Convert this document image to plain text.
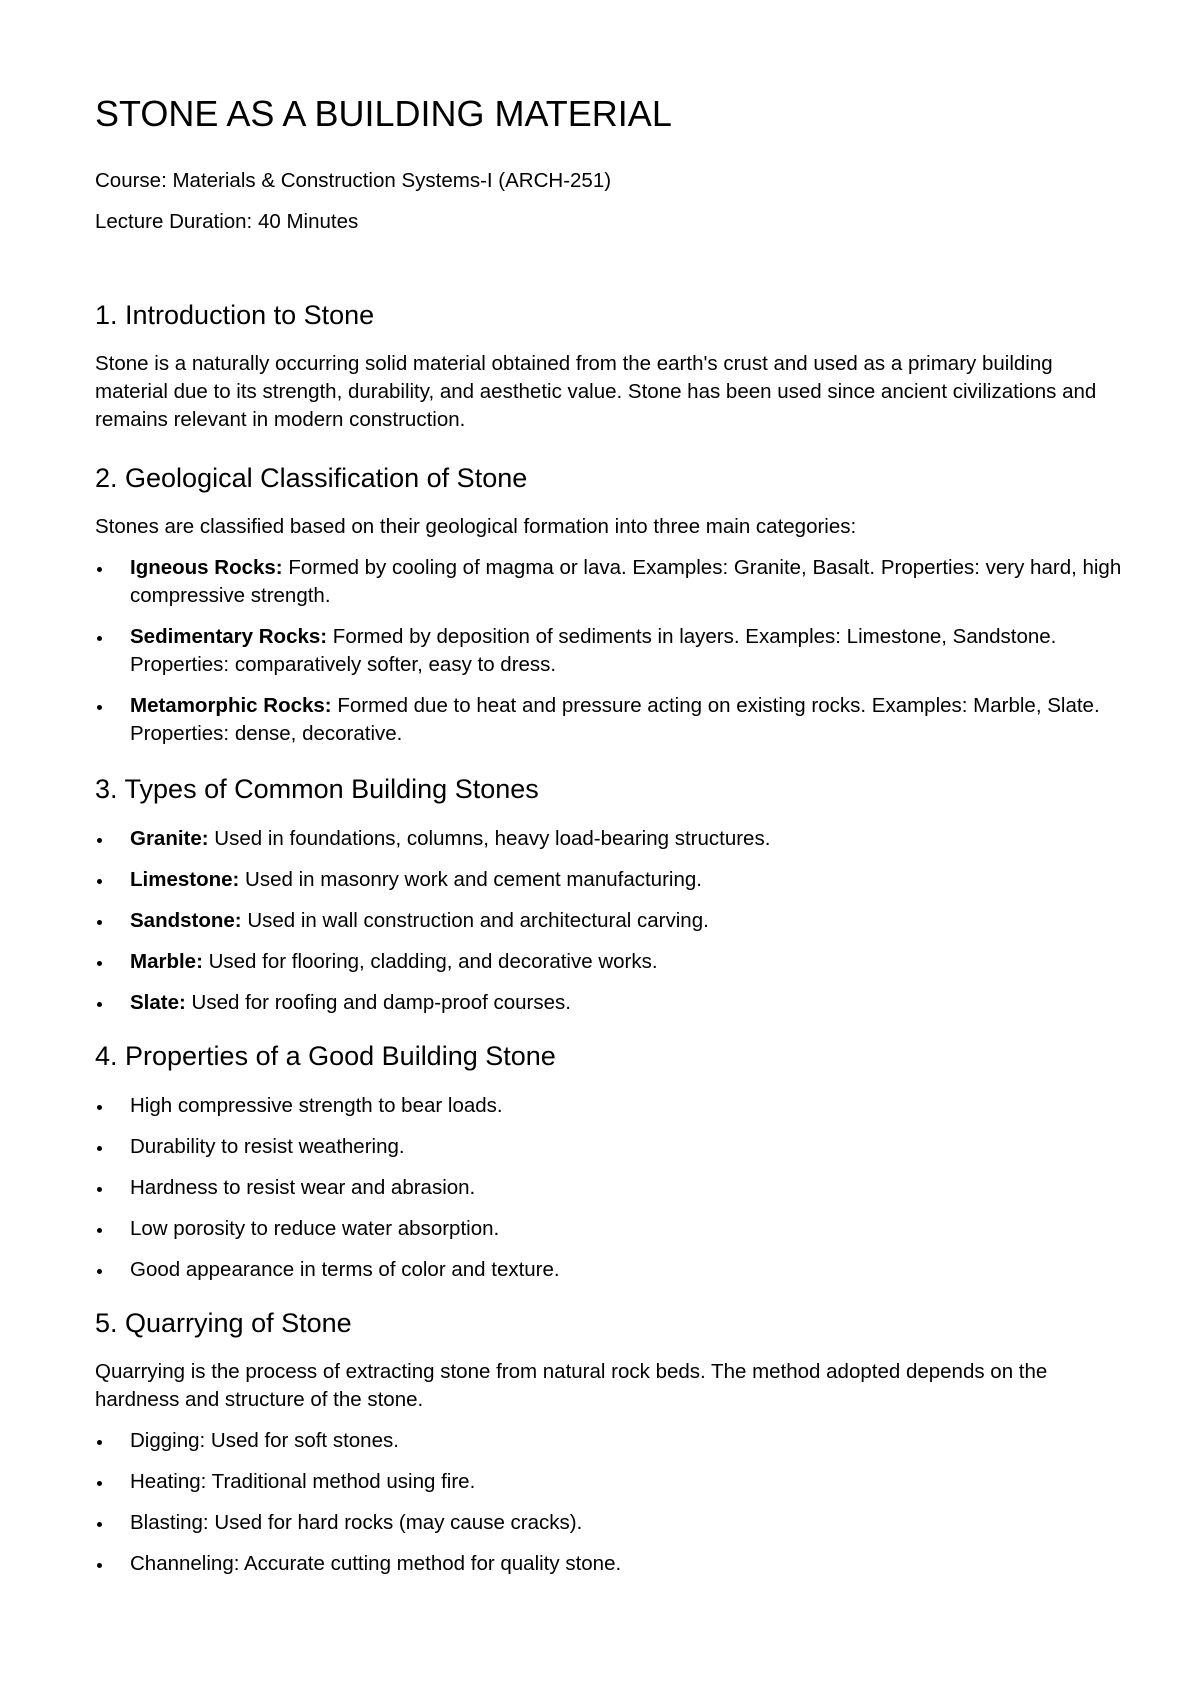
STONE AS A BUILDING MATERIAL

Course: Materials & Construction Systems-I (ARCH-251)

Lecture Duration: 40 Minutes

1. Introduction to Stone

Stone is a naturally occurring solid material obtained from the earth's crust and used as a primary building material due to its strength, durability, and aesthetic value. Stone has been used since ancient civilizations and remains relevant in modern construction.

2. Geological Classification of Stone

Stones are classified based on their geological formation into three main categories:

Igneous Rocks: Formed by cooling of magma or lava. Examples: Granite, Basalt. Properties: very hard, high compressive strength.
Sedimentary Rocks: Formed by deposition of sediments in layers. Examples: Limestone, Sandstone. Properties: comparatively softer, easy to dress.
Metamorphic Rocks: Formed due to heat and pressure acting on existing rocks. Examples: Marble, Slate. Properties: dense, decorative.
3. Types of Common Building Stones
Granite: Used in foundations, columns, heavy load-bearing structures.
Limestone: Used in masonry work and cement manufacturing.
Sandstone: Used in wall construction and architectural carving.
Marble: Used for flooring, cladding, and decorative works.
Slate: Used for roofing and damp-proof courses.
4. Properties of a Good Building Stone
High compressive strength to bear loads.
Durability to resist weathering.
Hardness to resist wear and abrasion.
Low porosity to reduce water absorption.
Good appearance in terms of color and texture.
5. Quarrying of Stone

Quarrying is the process of extracting stone from natural rock beds. The method adopted depends on the hardness and structure of the stone.

Digging: Used for soft stones.
Heating: Traditional method using fire.
Blasting: Used for hard rocks (may cause cracks).
Channeling: Accurate cutting method for quality stone.
